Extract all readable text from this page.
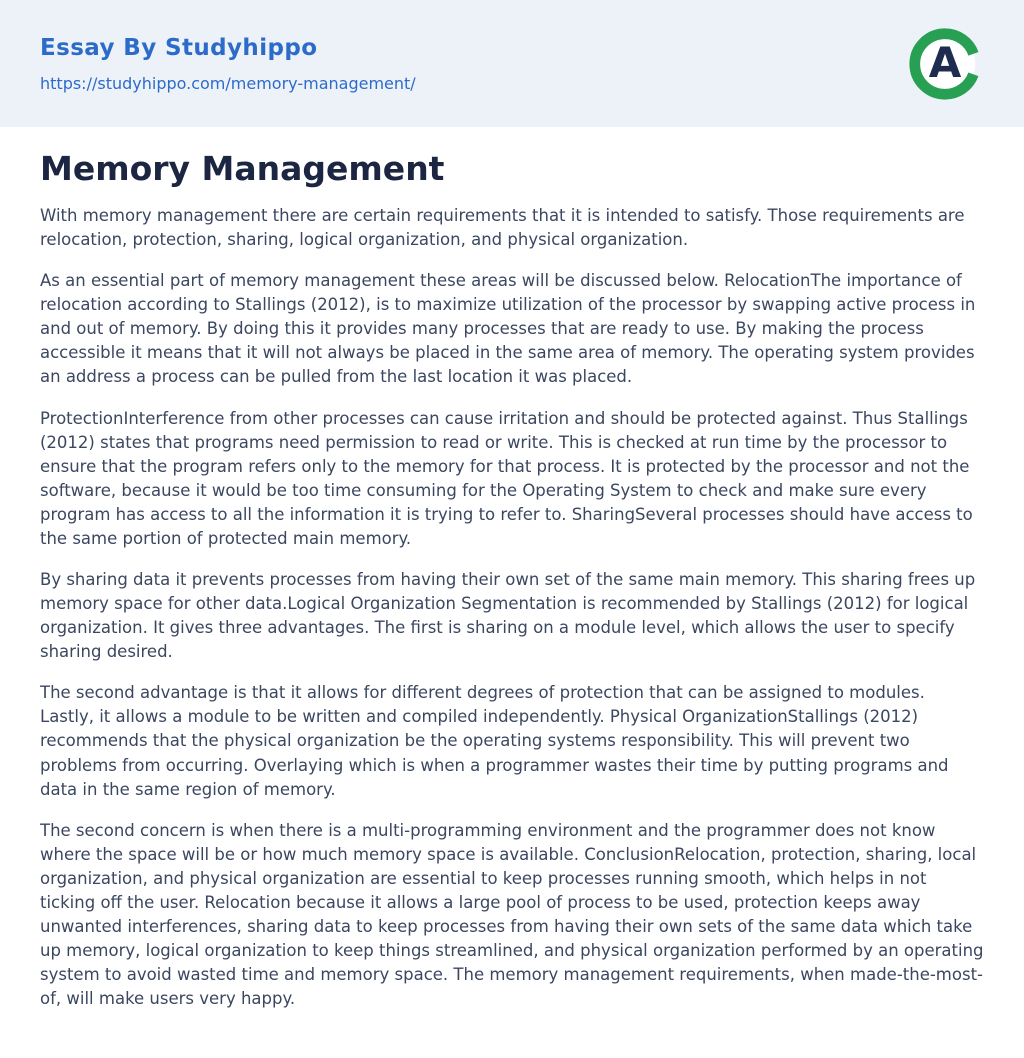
Essay By Studyhippo
https://studyhippo.com/memory-management/	A
Memory Management

With memory management there are certain requirements that it is intended to satisfy. Those requirements are relocation, protection, sharing, logical organization, and physical organization.

As an essential part of memory management these areas will be discussed below. RelocationThe importance of relocation according to Stallings (2012), is to maximize utilization of the processor by swapping active process in and out of memory. By doing this it provides many processes that are ready to use. By making the process accessible it means that it will not always be placed in the same area of memory. The operating system provides an address a process can be pulled from the last location it was placed.

ProtectionInterference from other processes can cause irritation and should be protected against. Thus Stallings (2012) states that programs need permission to read or write. This is checked at run time by the processor to ensure that the program refers only to the memory for that process. It is protected by the processor and not the software, because it would be too time consuming for the Operating System to check and make sure every program has access to all the information it is trying to refer to. SharingSeveral processes should have access to the same portion of protected main memory.

By sharing data it prevents processes from having their own set of the same main memory. This sharing frees up memory space for other data.Logical Organization Segmentation is recommended by Stallings (2012) for logical organization. It gives three advantages. The first is sharing on a module level, which allows the user to specify sharing desired.

The second advantage is that it allows for different degrees of protection that can be assigned to modules. Lastly, it allows a module to be written and compiled independently. Physical OrganizationStallings (2012) recommends that the physical organization be the operating systems responsibility. This will prevent two problems from occurring. Overlaying which is when a programmer wastes their time by putting programs and data in the same region of memory.

The second concern is when there is a multi-programming environment and the programmer does not know where the space will be or how much memory space is available. ConclusionRelocation, protection, sharing, local organization, and physical organization are essential to keep processes running smooth, which helps in not ticking off the user. Relocation because it allows a large pool of process to be used, protection keeps away unwanted interferences, sharing data to keep processes from having their own sets of the same data which take up memory, logical organization to keep things streamlined, and physical organization performed by an operating system to avoid wasted time and memory space. The memory management requirements, when made-the-most-of, will make users very happy.
